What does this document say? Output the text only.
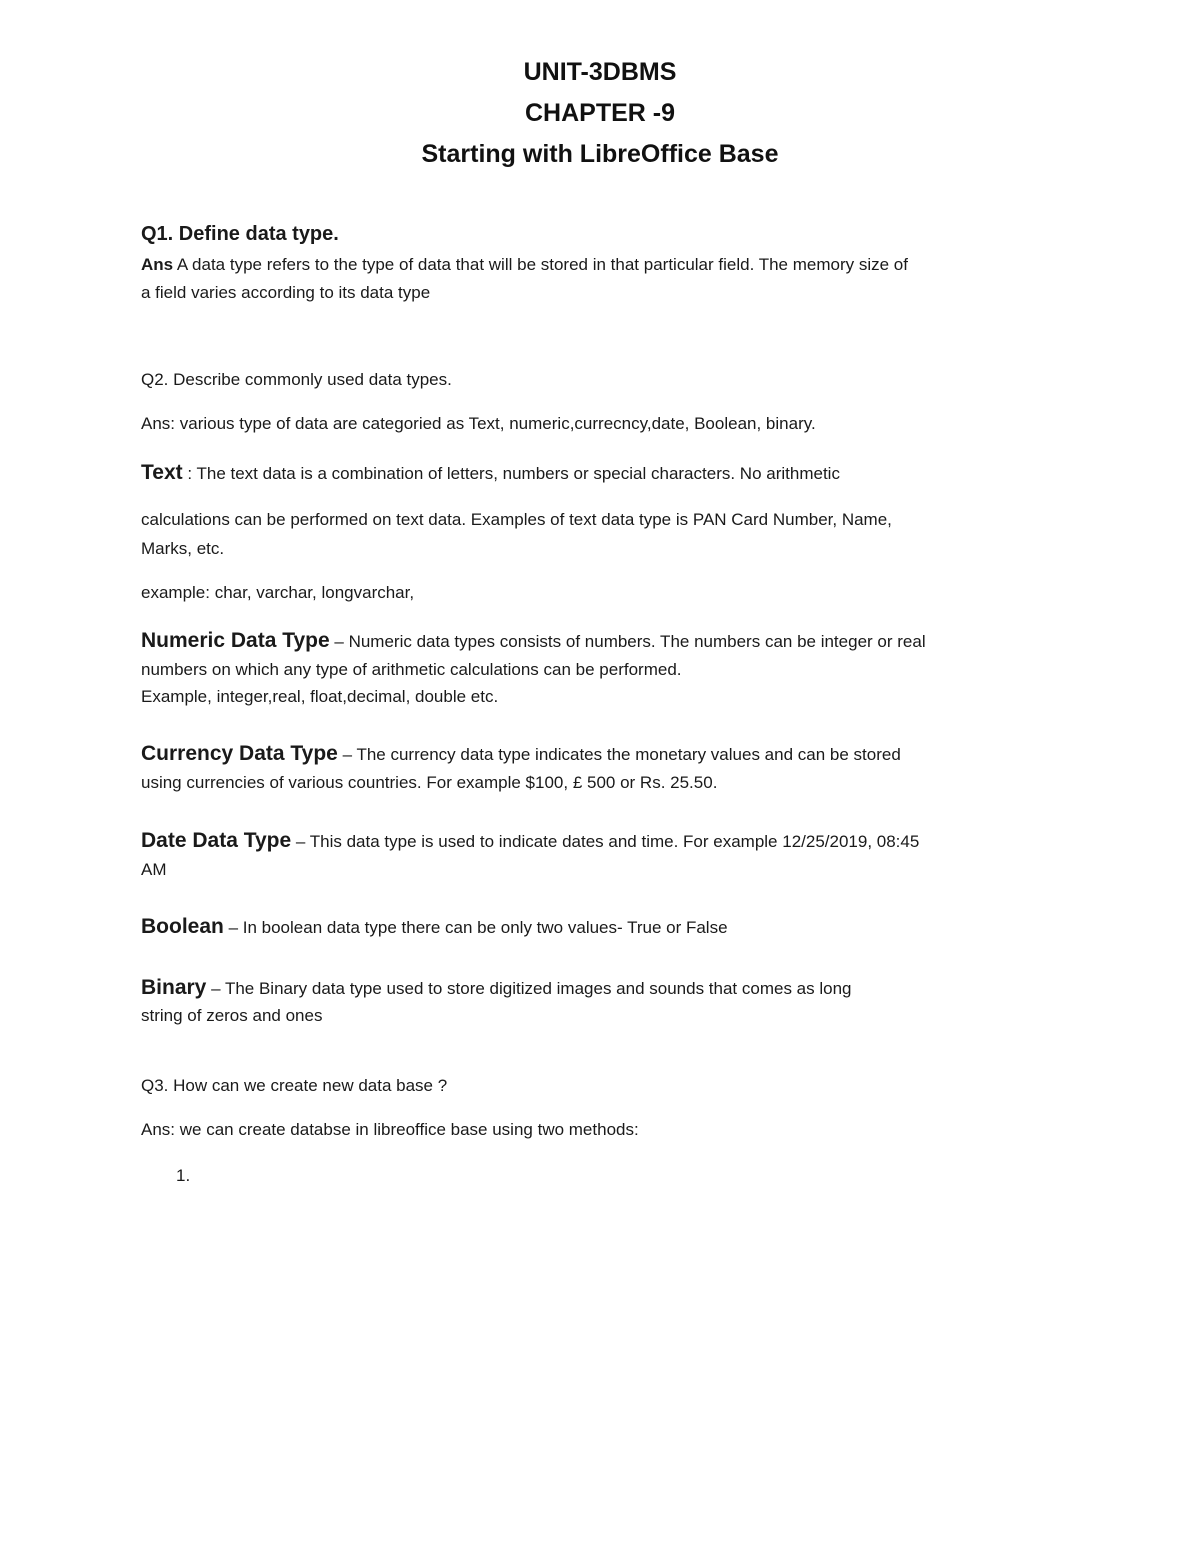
UNIT-3DBMS
CHAPTER -9
Starting with LibreOffice Base
Q1. Define data type.
Ans A data type refers to the type of data that will be stored in that particular field. The memory size of
a field varies according to its data type
Q2. Describe commonly used data types.
Ans: various type of data are categoried as Text, numeric,currecncy,date, Boolean, binary.
Text : The text data is a combination of letters, numbers or special characters. No arithmetic
calculations can be performed on text data. Examples of text data type is PAN Card Number, Name,
Marks, etc.
example: char, varchar, longvarchar,
Numeric Data Type – Numeric data types consists of numbers. The numbers can be integer or real
numbers on which any type of arithmetic calculations can be performed.
Example, integer,real, float,decimal, double etc.
Currency Data Type – The currency data type indicates the monetary values and can be stored
using currencies of various countries. For example $100, £ 500 or Rs. 25.50.
Date Data Type – This data type is used to indicate dates and time. For example 12/25/2019, 08:45
AM
Boolean – In boolean data type there can be only two values- True or False
Binary – The Binary data type used to store digitized images and sounds that comes as long
string of zeros and ones
Q3. How can we create new data base ?
Ans: we can create databse in libreoffice base using two methods:
1.
